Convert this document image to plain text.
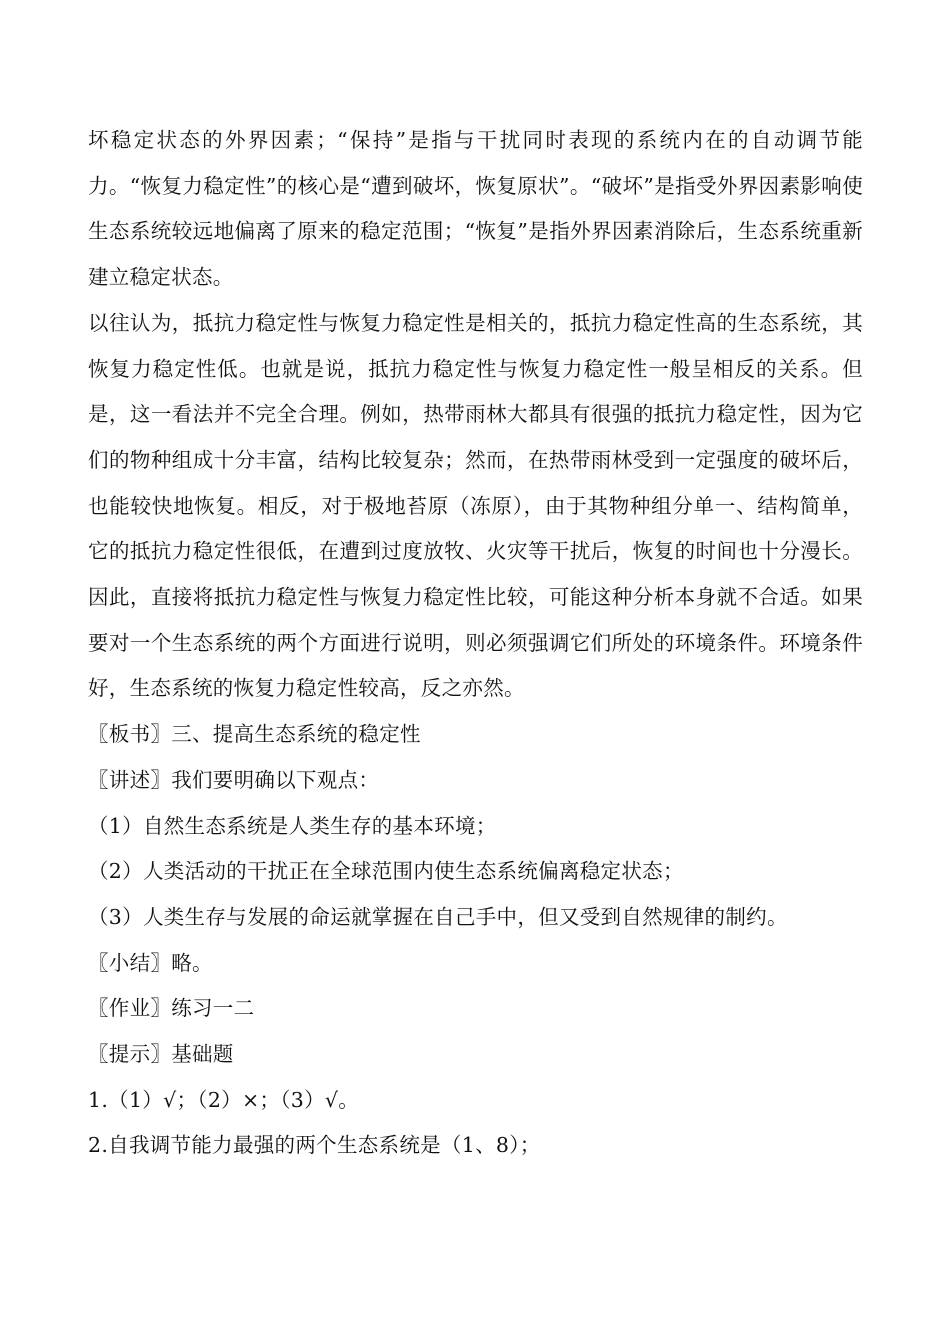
坏稳定状态的外界因素；“保持”是指与干扰同时表现的系统内在的自动调节能力。“恢复力稳定性”的核心是“遭到破坏，恢复原状”。“破坏”是指受外界因素影响使生态系统较远地偏离了原来的稳定范围；“恢复”是指外界因素消除后，生态系统重新建立稳定状态。

以往认为，抵抗力稳定性与恢复力稳定性是相关的，抵抗力稳定性高的生态系统，其恢复力稳定性低。也就是说，抵抗力稳定性与恢复力稳定性一般呈相反的关系。但是，这一看法并不完全合理。例如，热带雨林大都具有很强的抵抗力稳定性，因为它们的物种组成十分丰富，结构比较复杂；然而，在热带雨林受到一定强度的破坏后，也能较快地恢复。相反，对于极地苔原（冻原），由于其物种组分单一、结构简单，它的抵抗力稳定性很低，在遭到过度放牧、火灾等干扰后，恢复的时间也十分漫长。因此，直接将抵抗力稳定性与恢复力稳定性比较，可能这种分析本身就不合适。如果要对一个生态系统的两个方面进行说明，则必须强调它们所处的环境条件。环境条件好，生态系统的恢复力稳定性较高，反之亦然。

〖板书〗三、提高生态系统的稳定性

〖讲述〗我们要明确以下观点：

（1）自然生态系统是人类生存的基本环境；

（2）人类活动的干扰正在全球范围内使生态系统偏离稳定状态；

（3）人类生存与发展的命运就掌握在自己手中，但又受到自然规律的制约。

〖小结〗略。

〖作业〗练习一二

〖提示〗基础题

1.（1）√；（2）×；（3）√。

2.自我调节能力最强的两个生态系统是（1、8）；
